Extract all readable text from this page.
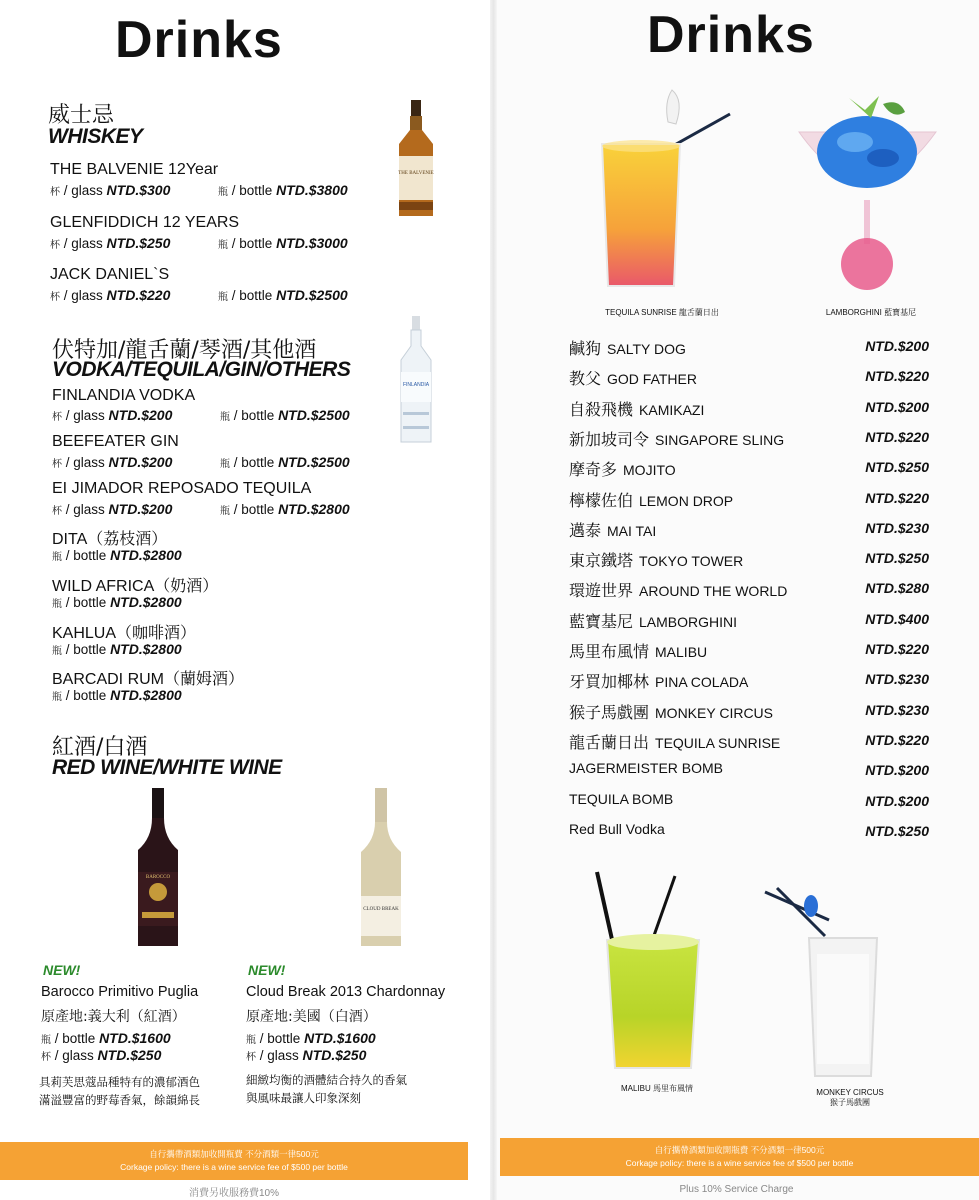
Drinks
威士忌
WHISKEY
THE BALVENIE
THE BALVENIE 12Year
杯 / glass NTD.$300	瓶 / bottle NTD.$3800
GLENFIDDICH 12 YEARS
杯 / glass NTD.$250	瓶 / bottle NTD.$3000
JACK DANIEL`S
杯 / glass NTD.$220	瓶 / bottle NTD.$2500
伏特加/龍舌蘭/琴酒/其他酒
VODKA/TEQUILA/GIN/OTHERS
FINLANDIA
FINLANDIA VODKA
杯 / glass NTD.$200	瓶 / bottle NTD.$2500
BEEFEATER GIN
杯 / glass NTD.$200	瓶 / bottle NTD.$2500
EI JIMADOR REPOSADO TEQUILA
杯 / glass NTD.$200	瓶 / bottle NTD.$2800
DITA（荔枝酒）
瓶 / bottle NTD.$2800
WILD AFRICA（奶酒）
瓶 / bottle NTD.$2800
KAHLUA（咖啡酒）
瓶 / bottle NTD.$2800
BARCADI RUM（蘭姆酒）
瓶 / bottle NTD.$2800
紅酒/白酒
RED WINE/WHITE WINE
BAROCCO
CLOUD BREAK
NEW!
Barocco Primitivo Puglia
原產地:義大利（紅酒）
瓶 / bottle NTD.$1600
杯 / glass NTD.$250
具莉芙思蔻品種特有的濃郁酒色
滿溢豐富的野莓香氣，餘韻綿長
NEW!
Cloud Break 2013 Chardonnay
原產地:美國（白酒）
瓶 / bottle NTD.$1600
杯 / glass NTD.$250
細緻均衡的酒體結合持久的香氣
與風味最讓人印象深刻
自行攜帶酒類加收開瓶費 不分酒類一律500元
Corkage policy: there is a wine service fee of $500 per bottle
消費另收服務費10%
Drinks
TEQUILA SUNRISE 龍舌蘭日出	LAMBORGHINI 藍寶基尼
鹹狗 SALTY DOG	NTD.$200
教父 GOD FATHER	NTD.$220
自殺飛機 KAMIKAZI	NTD.$200
新加坡司令 SINGAPORE SLING	NTD.$220
摩奇多 MOJITO	NTD.$250
檸檬佐伯 LEMON DROP	NTD.$220
邁泰 MAI TAI	NTD.$230
東京鐵塔 TOKYO TOWER	NTD.$250
環遊世界 AROUND THE WORLD	NTD.$280
藍寶基尼 LAMBORGHINI	NTD.$400
馬里布風情 MALIBU	NTD.$220
牙買加椰林 PINA COLADA	NTD.$230
猴子馬戲團 MONKEY CIRCUS	NTD.$230
龍舌蘭日出 TEQUILA SUNRISE	NTD.$220
JAGERMEISTER BOMB	NTD.$200
TEQUILA BOMB	NTD.$200
Red Bull Vodka	NTD.$250
MALIBU 馬里布風情	MONKEY CIRCUS
猴子馬戲團
自行攜帶酒類加收開瓶費 不分酒類一律500元
Corkage policy: there is a wine service fee of $500 per bottle
Plus 10% Service Charge
